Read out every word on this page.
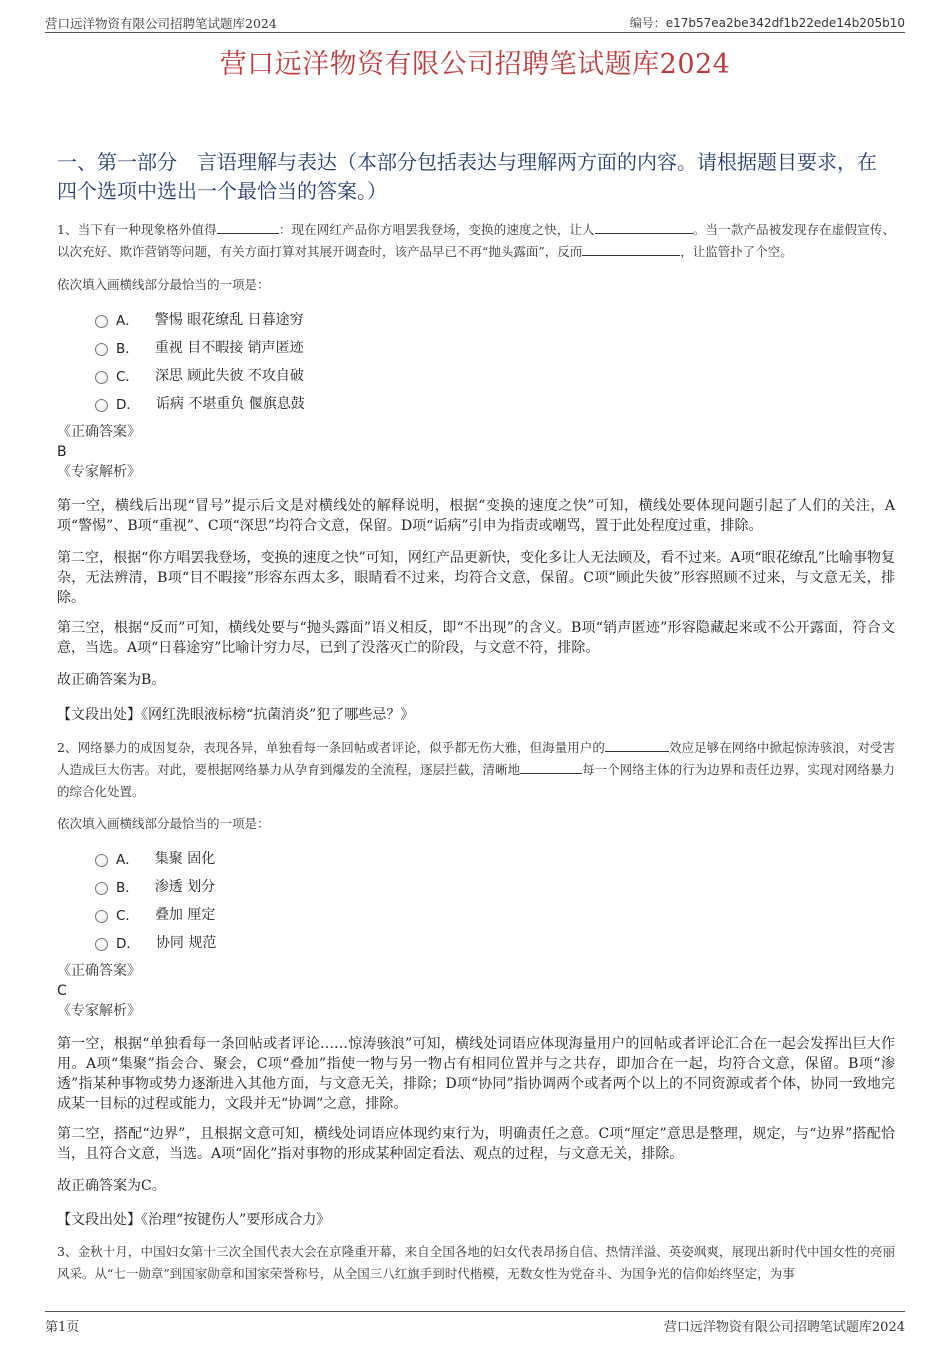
营口远洋物资有限公司招聘笔试题库2024	编号：e17b57ea2be342df1b22ede14b205b10
营口远洋物资有限公司招聘笔试题库2024
一、第一部分 言语理解与表达（本部分包括表达与理解两方面的内容。请根据题目要求，在四个选项中选出一个最恰当的答案。）

1、当下有一种现象格外值得	：现在网红产品你方唱罢我登场，变换的速度之快，让人	。当一款产品被发现存在虚假宣传、以次充好、欺诈营销等问题，有关方面打算对其展开调查时，该产品早已不再“抛头露面”，反而	，让监管扑了个空。

依次填入画横线部分最恰当的一项是：

A． 警惕 眼花缭乱 日暮途穷
B． 重视 目不暇接 销声匿迹
C． 深思 顾此失彼 不攻自破
D． 诟病 不堪重负 偃旗息鼓

《正确答案》

B

《专家解析》

第一空，横线后出现“冒号”提示后文是对横线处的解释说明，根据“变换的速度之快”可知，横线处要体现问题引起了人们的关注，A项“警惕”、B项“重视”、C项“深思”均符合文意，保留。D项“诟病”引申为指责或嘲骂，置于此处程度过重，排除。

第二空，根据“你方唱罢我登场，变换的速度之快”可知，网红产品更新快，变化多让人无法顾及，看不过来。A项“眼花缭乱”比喻事物复杂，无法辨清，B项“目不暇接”形容东西太多，眼睛看不过来，均符合文意，保留。C项“顾此失彼”形容照顾不过来，与文意无关，排除。

第三空，根据“反而”可知，横线处要与“抛头露面”语义相反，即“不出现”的含义。B项“销声匿迹”形容隐藏起来或不公开露面，符合文意，当选。A项“日暮途穷”比喻计穷力尽，已到了没落灭亡的阶段，与文意不符，排除。

故正确答案为B。

【文段出处】《网红洗眼液标榜“抗菌消炎”犯了哪些忌？》

2、网络暴力的成因复杂，表现各异，单独看每一条回帖或者评论，似乎都无伤大雅，但海量用户的	效应足够在网络中掀起惊涛骇浪，对受害人造成巨大伤害。对此，要根据网络暴力从孕育到爆发的全流程，逐层拦截，清晰地	每一个网络主体的行为边界和责任边界，实现对网络暴力的综合化处置。

依次填入画横线部分最恰当的一项是：

A． 集聚 固化
B． 渗透 划分
C． 叠加 厘定
D． 协同 规范

《正确答案》

C

《专家解析》

第一空，根据“单独看每一条回帖或者评论……惊涛骇浪”可知，横线处词语应体现海量用户的回帖或者评论汇合在一起会发挥出巨大作用。A项“集聚”指会合、聚会，C项“叠加”指使一物与另一物占有相同位置并与之共存，即加合在一起，均符合文意，保留。B项“渗透”指某种事物或势力逐渐进入其他方面，与文意无关，排除；D项“协同”指协调两个或者两个以上的不同资源或者个体，协同一致地完成某一目标的过程或能力，文段并无“协调”之意，排除。

第二空，搭配“边界”，且根据文意可知，横线处词语应体现约束行为，明确责任之意。C项“厘定”意思是整理，规定，与“边界”搭配恰当，且符合文意，当选。A项“固化”指对事物的形成某种固定看法、观点的过程，与文意无关，排除。

故正确答案为C。

【文段出处】《治理“按键伤人”要形成合力》

3、金秋十月，中国妇女第十三次全国代表大会在京隆重开幕，来自全国各地的妇女代表昂扬自信、热情洋溢、英姿飒爽，展现出新时代中国女性的亮丽风采。从“七一勋章”到国家勋章和国家荣誉称号，从全国三八红旗手到时代楷模，无数女性为党奋斗、为国争光的信仰始终坚定，为事

第1页	营口远洋物资有限公司招聘笔试题库2024
